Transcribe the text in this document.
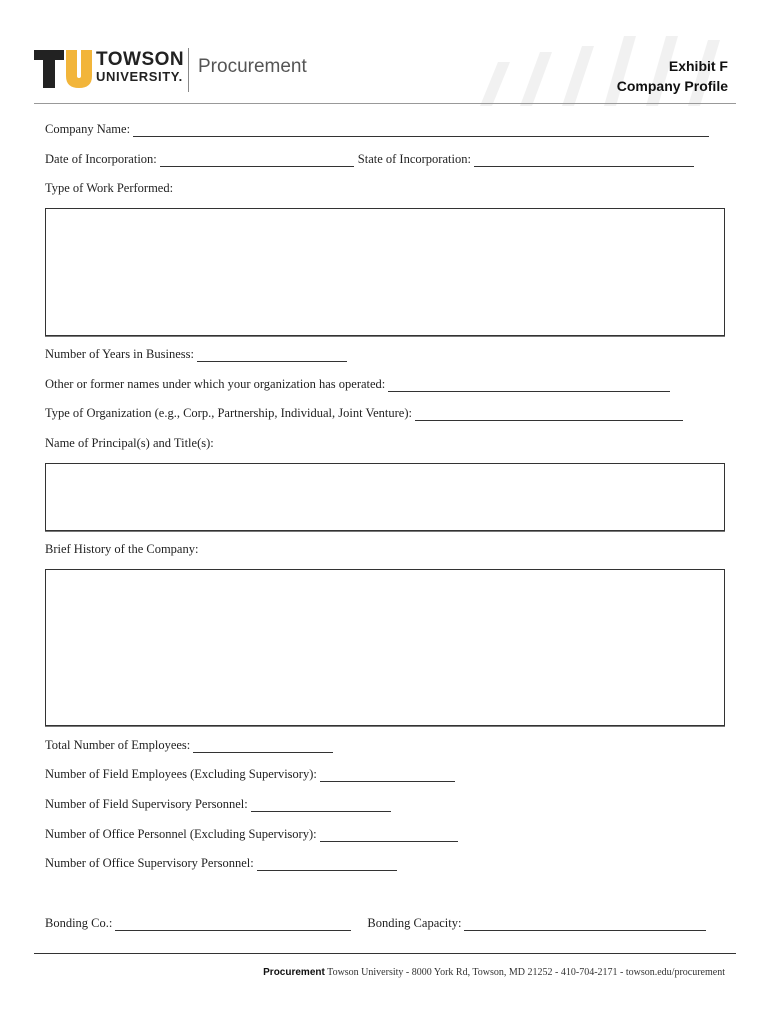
TOWSON
UNIVERSITY. Procurement	Exhibit F
Company Profile
Company Name:
Date of Incorporation:	State of Incorporation:
Type of Work Performed:
Number of Years in Business:
Other or former names under which your organization has operated:
Type of Organization (e.g., Corp., Partnership, Individual, Joint Venture):
Name of Principal(s) and Title(s):
Brief History of the Company:
Total Number of Employees:
Number of Field Employees (Excluding Supervisory):
Number of Field Supervisory Personnel:
Number of Office Personnel (Excluding Supervisory):
Number of Office Supervisory Personnel:
Bonding Co.:	Bonding Capacity:
Procurement Towson University - 8000 York Rd, Towson, MD 21252 - 410-704-2171 - towson.edu/procurement
